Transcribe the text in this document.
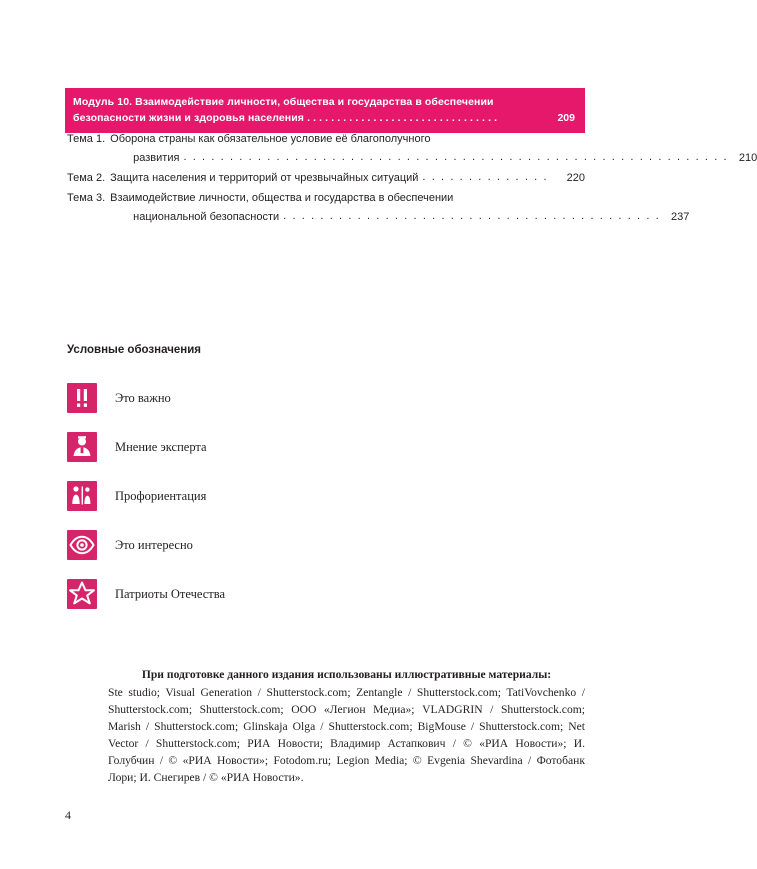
Модуль 10. Взаимодействие личности, общества и государства в обеспечении
безопасности жизни и здоровья населения . . . . . . . . . . . . . . . . . . . . . . . . . . . . . . . .	209
Тема 1. Оборона страны как обязательное условие её благополучного
развития . . . . . . . . . . . . . . . . . . . . . . . . . . . . . . . . . . . . . . . . . . . . . . . . . . . . . . . . . . . 210
Тема 2. Защита населения и территорий от чрезвычайных ситуаций . . . . . . . . . . . . . .	220
Тема 3. Взаимодействие личности, общества и государства в обеспечении
национальной безопасности . . . . . . . . . . . . . . . . . . . . . . . . . . . . . . . . . . . . . . . . . 237
Условные обозначения
Это важно
Мнение эксперта
Профориентация
Это интересно
Патриоты Отечества
При подготовке данного издания использованы иллюстративные материалы:
Ste studio; Visual Generation / Shutterstock.com; Zentangle / Shutterstock.com; TatiVovchenko / Shutterstock.com; Shutterstock.com; ООО «Легион Медиа»; VLADGRIN / Shutterstock.com; Marish / Shutterstock.com; Glinskaja Olga / Shutterstock.com; BigMouse / Shutterstock.com; Net Vector / Shutterstock.com; РИА Новости; Владимир Астапкович / © «РИА Новости»; И. Голубчин / © «РИА Новости»; Fotodom.ru; Legion Media; © Evgenia Shevardina / Фотобанк Лори; И. Снегирев / © «РИА Новости».
4
